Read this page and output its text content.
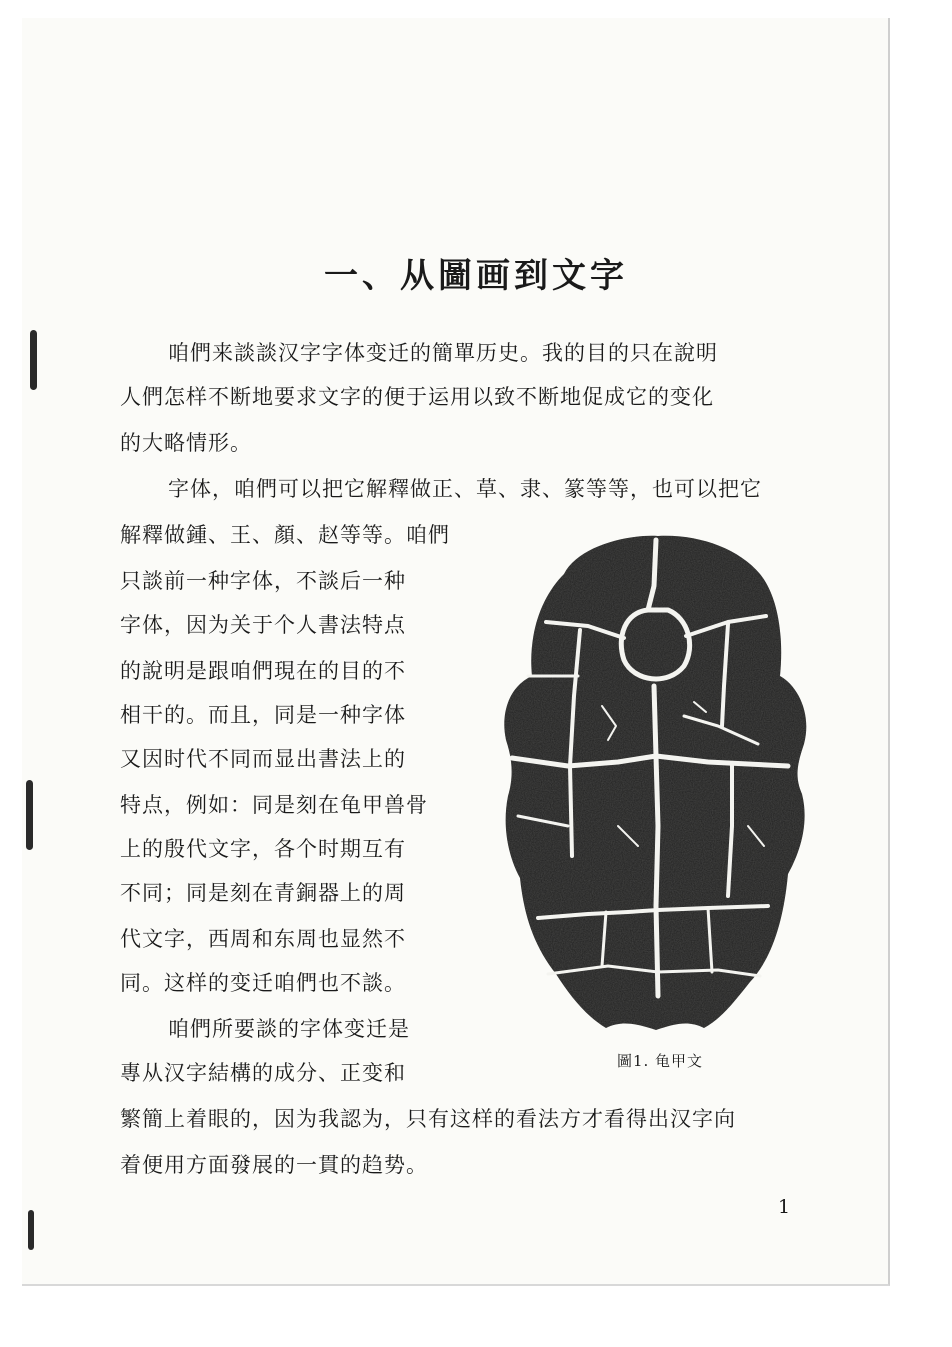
一、从圖画到文字
咱們来談談汉字字体变迁的簡單历史。我的目的只在說明
人們怎样不断地要求文字的便于运用以致不断地促成它的变化
的大略情形。
字体，咱們可以把它解釋做正、草、隶、篆等等，也可以把它
解釋做鍾、王、顏、赵等等。咱們
只談前一种字体，不談后一种
字体，因为关于个人書法特点
的說明是跟咱們現在的目的不
相干的。而且，同是一种字体
又因时代不同而显出書法上的
特点，例如：同是刻在龟甲兽骨
上的殷代文字，各个时期互有
不同；同是刻在青銅器上的周
代文字，西周和东周也显然不
同。这样的变迁咱們也不談。
咱們所要談的字体变迁是
專从汉字結構的成分、正变和
繁簡上着眼的，因为我認为，只有这样的看法方才看得出汉字向
着便用方面發展的一貫的趋势。
圖1. 龟甲文
1
